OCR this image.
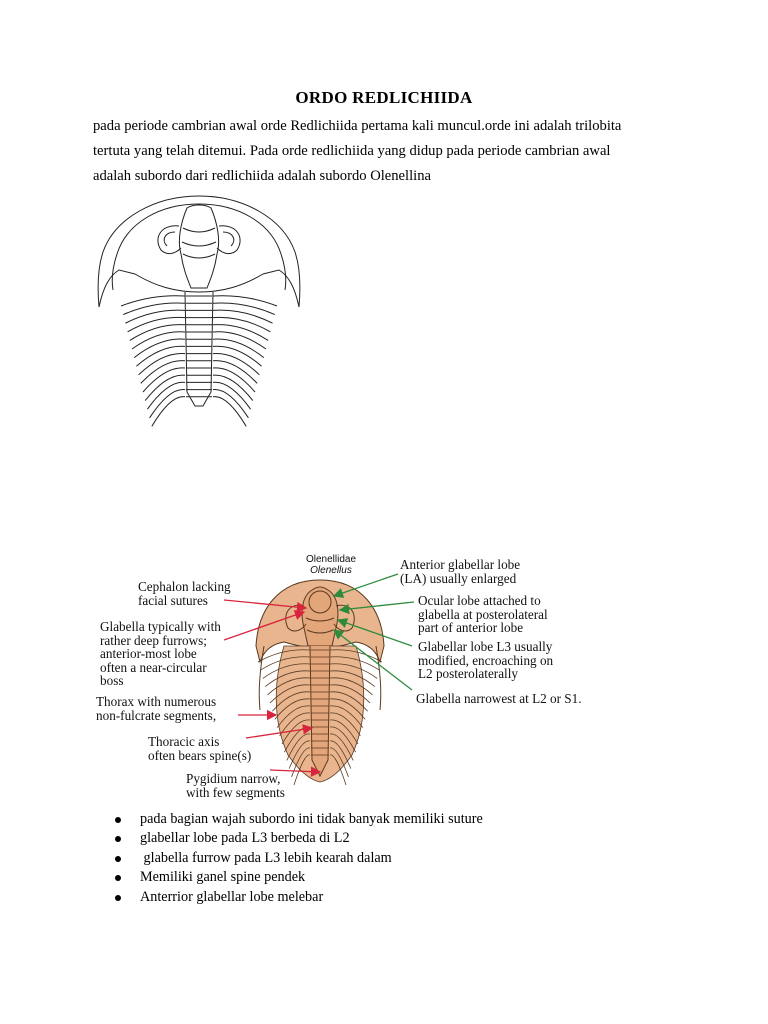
ORDO REDLICHIIDA
pada periode cambrian awal orde Redlichiida pertama kali muncul.orde ini adalah trilobita
tertuta yang telah ditemui. Pada orde redlichiida yang didup pada periode cambrian awal
adalah subordo dari redlichiida adalah subordo Olenellina
Olenellidae
Olenellus
Cephalon lacking
facial sutures
Glabella typically with
rather deep furrows;
anterior-most lobe
often a near-circular
boss
Thorax with numerous
non-fulcrate segments,
Thoracic axis
often bears spine(s)
Pygidium narrow,
with few segments
Anterior glabellar lobe
(LA) usually enlarged
Ocular lobe attached to
glabella at posterolateral
part of anterior lobe
Glabellar lobe L3 usually
modified, encroaching on
L2 posterolaterally
Glabella narrowest at L2 or S1.
pada bagian wajah subordo ini tidak banyak memiliki suture
glabellar lobe pada L3 berbeda di L2
glabella furrow pada L3 lebih kearah dalam
Memiliki ganel spine pendek
Anterrior glabellar lobe melebar
